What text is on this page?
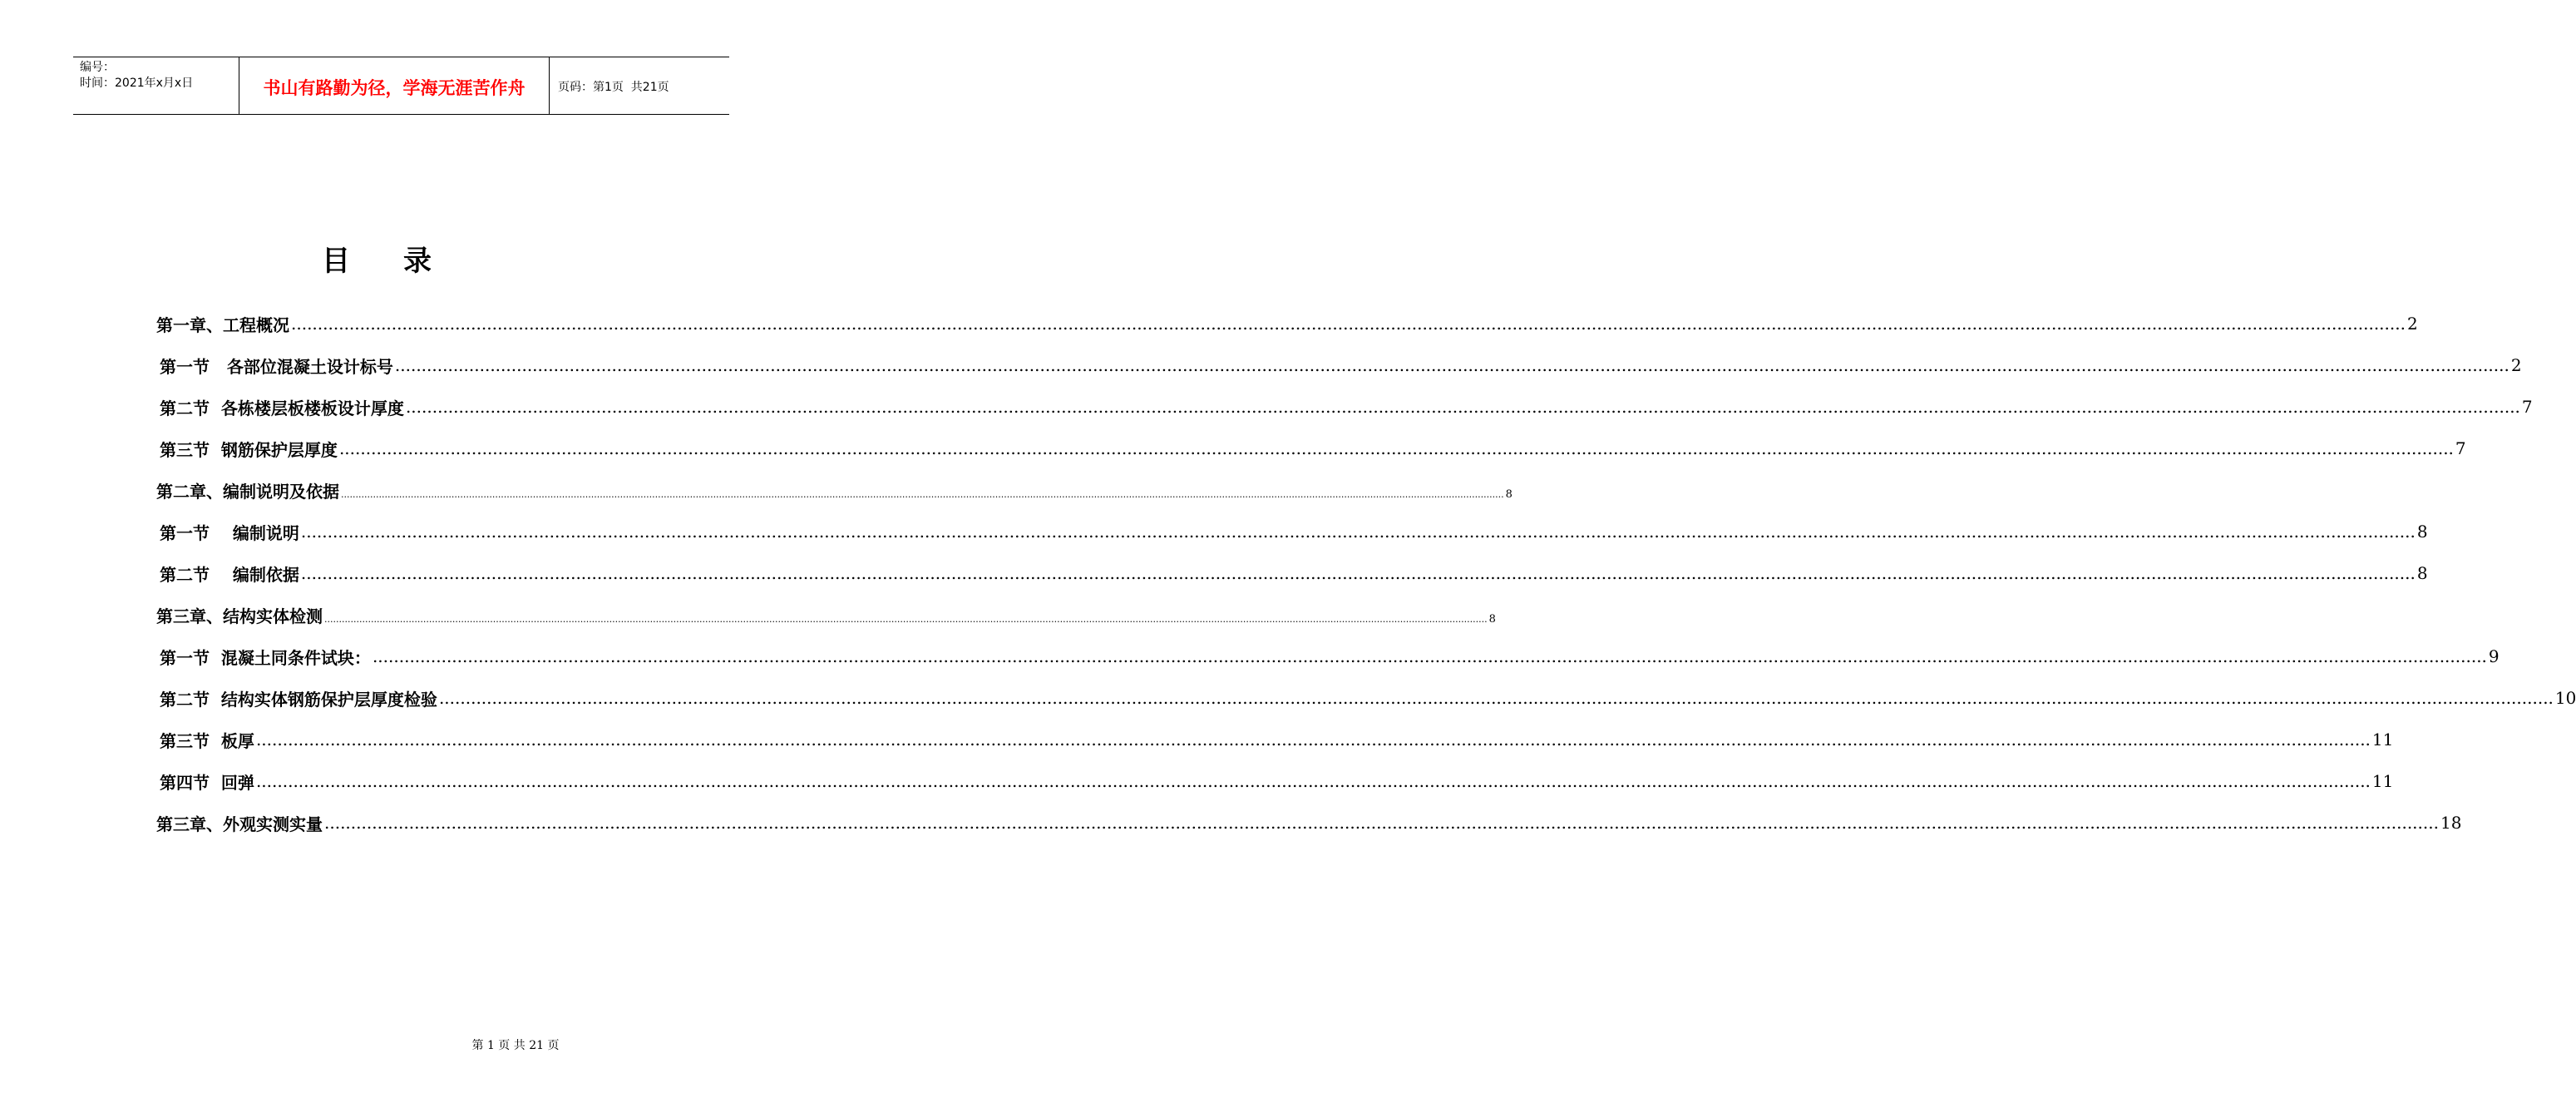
编号：
时间：2021年x月x日	书山有路勤为径，学海无涯苦作舟	页码：第1页  共21页
目录
第一章、工程概况 ................................................................................................................................................................................................................................................................................................................................................................................................................ 2
第一节   各部位混凝土设计标号 ................................................................................................................................................................................................................................................................................................................................................................................................................ 2
第二节  各栋楼层板楼板设计厚度 ................................................................................................................................................................................................................................................................................................................................................................................................................ 7
第三节  钢筋保护层厚度 ................................................................................................................................................................................................................................................................................................................................................................................................................ 7
第二章、编制说明及依据 ................................................................................................................................................................................................................................................................................................................................................................................................................ 8
第一节    编制说明 ................................................................................................................................................................................................................................................................................................................................................................................................................ 8
第二节    编制依据 ................................................................................................................................................................................................................................................................................................................................................................................................................ 8
第三章、结构实体检测 ................................................................................................................................................................................................................................................................................................................................................................................................................ 8
第一节  混凝土同条件试块： ................................................................................................................................................................................................................................................................................................................................................................................................................ 9
第二节  结构实体钢筋保护层厚度检验 ................................................................................................................................................................................................................................................................................................................................................................................................................ 10
第三节  板厚 ................................................................................................................................................................................................................................................................................................................................................................................................................ 11
第四节  回弹 ................................................................................................................................................................................................................................................................................................................................................................................................................ 11
第三章、外观实测实量 ................................................................................................................................................................................................................................................................................................................................................................................................................ 18
第 1 页 共 21 页
